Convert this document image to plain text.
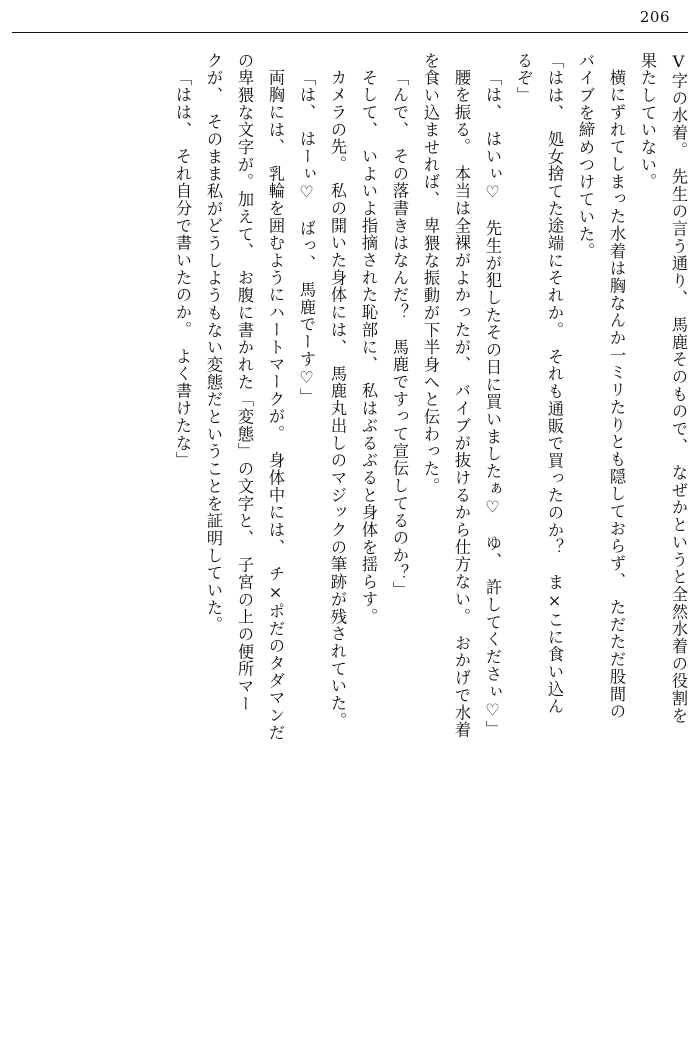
206
V字の水着。　先生の言う通り、　馬鹿そのもので、　なぜかというと全然水着の役割を
果たしていない。
横にずれてしまった水着は胸なんか一ミリたりとも隠しておらず、　ただただ股間の
バイブを締めつけていた。
「はは、　処女捨てた途端にそれか。　それも通販で買ったのか？　ま×こに食い込ん
るぞ」
「は、　はいぃ♡　先生が犯したその日に買いましたぁ♡　ゆ、　許してくださぃ♡」
腰を振る。　本当は全裸がよかったが、　バイブが抜けるから仕方ない。　おかげで水着
を食い込ませれば、　卑猥な振動が下半身へと伝わった。
「んで、　その落書きはなんだ？　馬鹿ですって宣伝してるのか？」
そして、　いよいよ指摘された恥部に、　私はぶるぶると身体を揺らす。
カメラの先。　私の開いた身体には、　馬鹿丸出しのマジックの筆跡が残されていた。
「は、　はーぃ♡　ばっ、　馬鹿でーす♡」
両胸には、　乳輪を囲むようにハートマークが。　身体中には、　チ×ポだのタダマンだ
の卑猥な文字が。加えて、　お腹に書かれた「変態」の文字と、　子宮の上の便所マー
クが、　そのまま私がどうしようもない変態だということを証明していた。
「はは、　それ自分で書いたのか。　よく書けたな」
